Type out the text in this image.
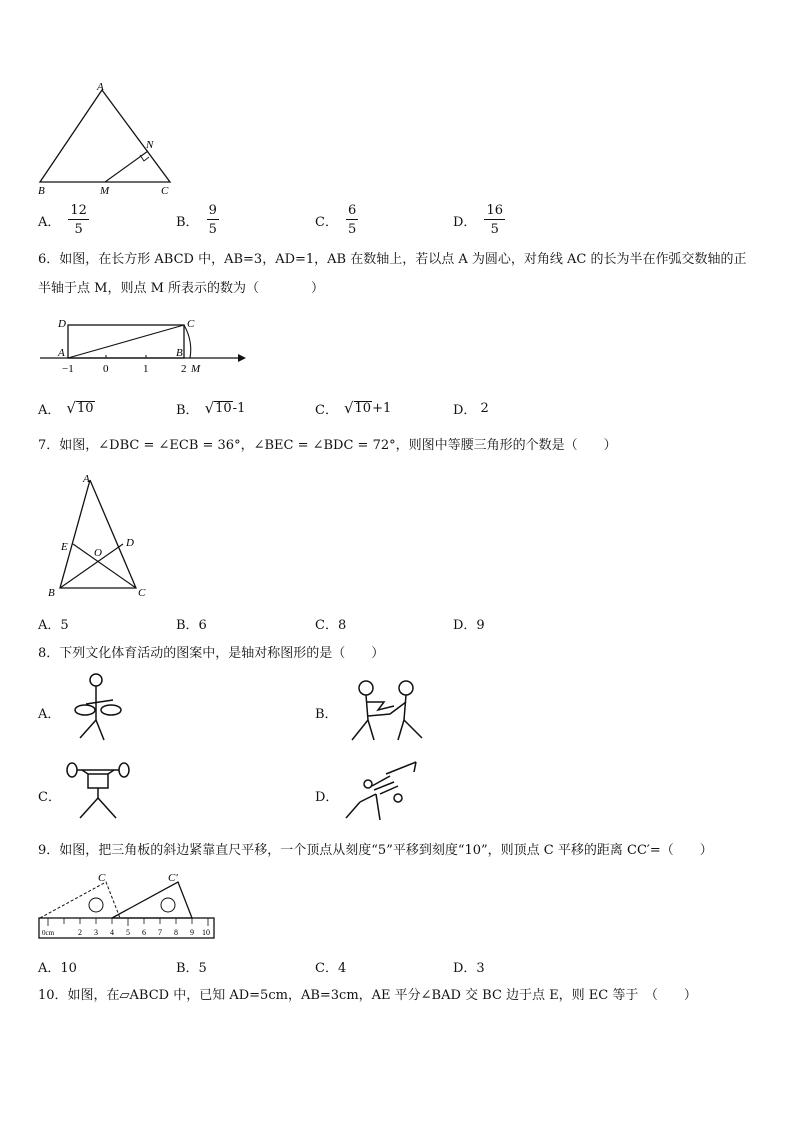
A
N
B	M	C
A． $\frac{12}{5}$	B． $\frac{9}{5}$	C． $\frac{6}{5}$	D． $\frac{16}{5}$
6．如图，在长方形 ABCD 中，AB=3，AD=1，AB 在数轴上，若以点 A 为圆心，对角线 AC 的长为半在作弧交数轴的正
半轴于点 M，则点 M 所表示的数为（　　　　）
D	C
A	B
−1	0	1	2 M
A． √ 10	B． √ 10 -1	C． √ 10 +1	D． 2
7．如图，∠DBC = ∠ECB = 36°，∠BEC = ∠BDC = 72°，则图中等腰三角形的个数是（　　）
A
E	D
O
B	C
A．5	B．6	C．8	D．9
8．下列文化体育活动的图案中，是轴对称图形的是（　　）
A．	B．
C．	D．
9．如图，把三角板的斜边紧靠直尺平移，一个顶点从刻度“5”平移到刻度“10”，则顶点 C 平移的距离 CC′=（　　）
C	C′
0cm	2 3 4 5 6 7 8 9 10
A．10	B．5	C．4	D．3
10．如图，在▱ABCD 中，已知 AD=5cm，AB=3cm，AE 平分∠BAD 交 BC 边于点 E，则 EC 等于　（　　）
